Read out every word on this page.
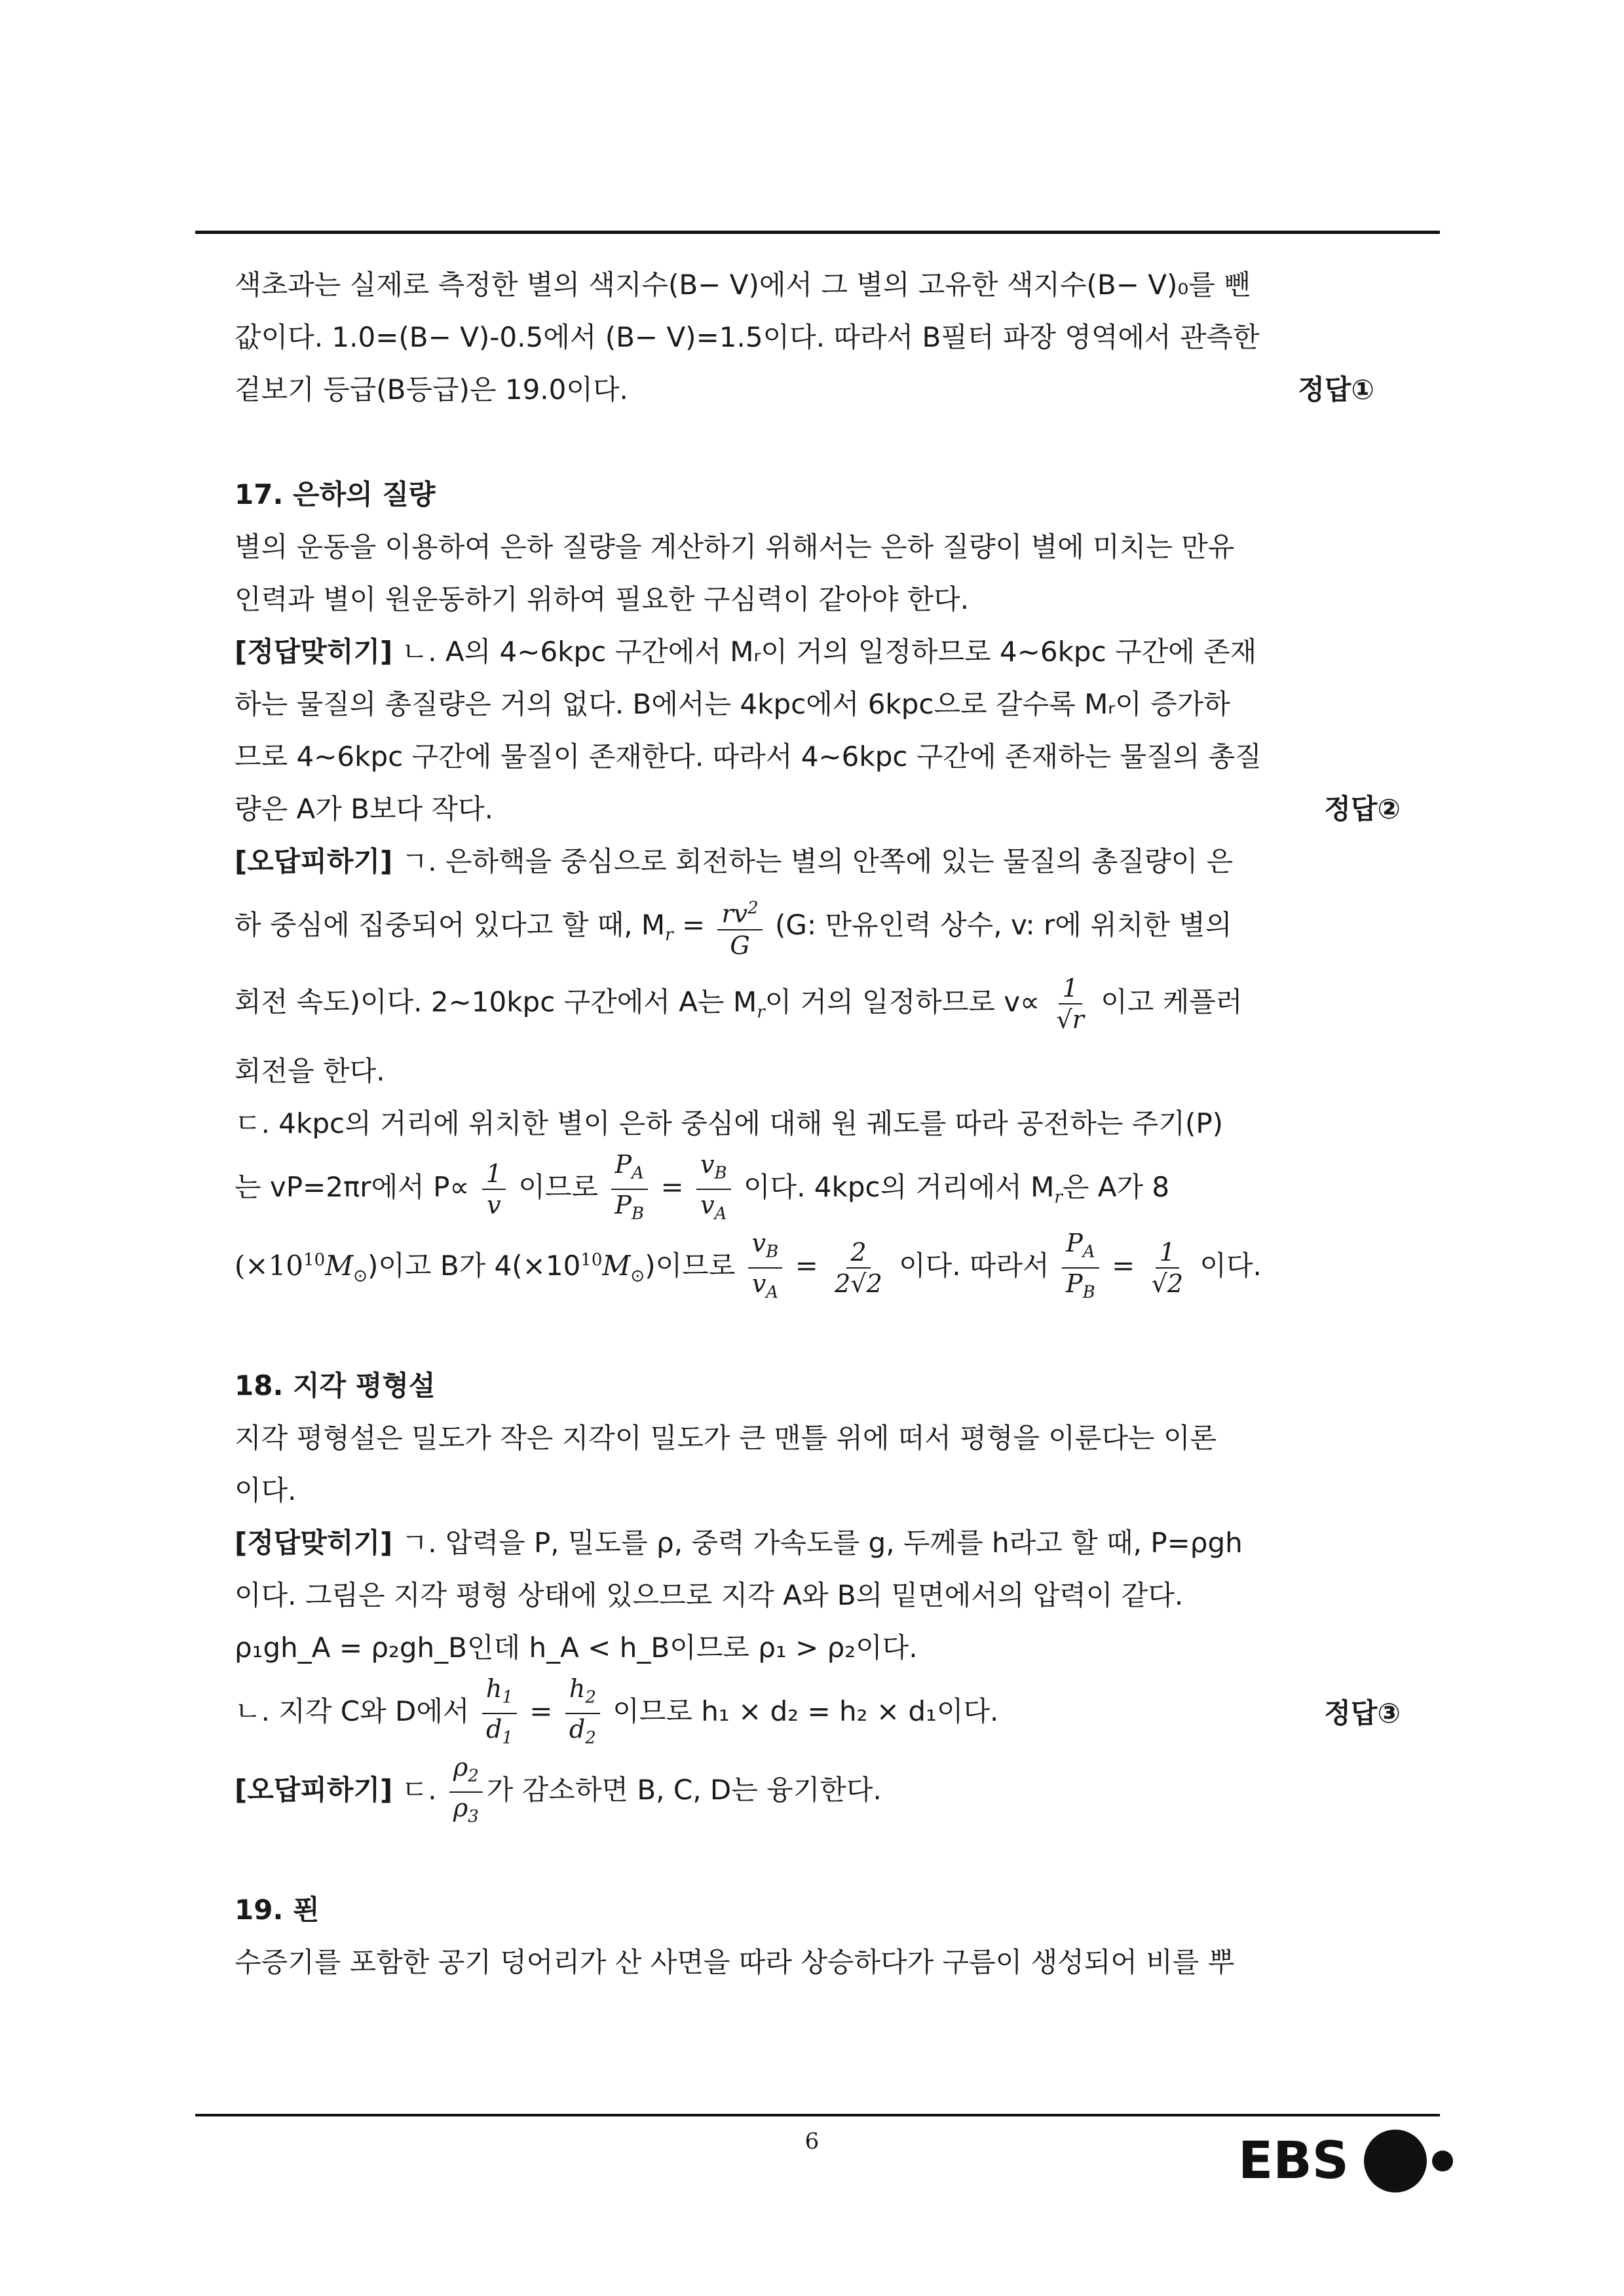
색초과는 실제로 측정한 별의 색지수(B− V)에서 그 별의 고유한 색지수(B− V)₀를 뺀
값이다. 1.0=(B− V)-0.5에서 (B− V)=1.5이다. 따라서 B필터 파장 영역에서 관측한
겉보기 등급(B등급)은 19.0이다.	정답①
17. 은하의 질량
별의 운동을 이용하여 은하 질량을 계산하기 위해서는 은하 질량이 별에 미치는 만유
인력과 별이 원운동하기 위하여 필요한 구심력이 같아야 한다.
[정답맞히기] ㄴ. A의 4~6kpc 구간에서 Mᵣ이 거의 일정하므로 4~6kpc 구간에 존재
하는 물질의 총질량은 거의 없다. B에서는 4kpc에서 6kpc으로 갈수록 Mᵣ이 증가하
므로 4~6kpc 구간에 물질이 존재한다. 따라서 4~6kpc 구간에 존재하는 물질의 총질
량은 A가 B보다 작다.	정답②
[오답피하기] ㄱ. 은하핵을 중심으로 회전하는 별의 안쪽에 있는 물질의 총질량이 은
하 중심에 집중되어 있다고 할 때, $M_r = \frac{rv^2}{G} (G$: 만유인력 상수, v: r에 위치한 별의
회전 속도)이다. 2~10kpc 구간에서 A는 $M_r$이 거의 일정하므로 $v\propto \frac{1}{√r}$ 이고 케플러
회전을 한다.
ㄷ. 4kpc의 거리에 위치한 별이 은하 중심에 대해 원 궤도를 따라 공전하는 주기(P)
는 vP=2πr에서 $P\propto \frac{1}{v}$ 이므로 $\frac{P_A}{P_B} = \frac{v_B}{v_A}$ 이다. 4kpc의 거리에서 $M_r$은 A가 8
$(\times 10^{10}M_⊙)$이고 B가 $4(\times 10^{10}M_⊙)$이므로 $\frac{v_B}{v_A} = \frac{2}{2√2}$ 이다. 따라서 $\frac{P_A}{P_B} = \frac{1}{√2}$ 이다.
18. 지각 평형설
지각 평형설은 밀도가 작은 지각이 밀도가 큰 맨틀 위에 떠서 평형을 이룬다는 이론
이다.
[정답맞히기] ㄱ. 압력을 P, 밀도를 ρ, 중력 가속도를 g, 두께를 h라고 할 때, P=ρgh
이다. 그림은 지각 평형 상태에 있으므로 지각 A와 B의 밑면에서의 압력이 같다.
ρ₁gh_A = ρ₂gh_B인데 h_A < h_B이므로 ρ₁ > ρ₂이다.
ㄴ. 지각 C와 D에서 $\frac{h_1}{d_1} = \frac{h_2}{d_2}$ 이므로 h₁ × d₂ = h₂ × d₁이다.	정답③
[오답피하기] ㄷ. $\frac{\rho_2}{\rho_3}$ 가 감소하면 B, C, D는 융기한다.
19. 푄
수증기를 포함한 공기 덩어리가 산 사면을 따라 상승하다가 구름이 생성되어 비를 뿌
6	EBS
